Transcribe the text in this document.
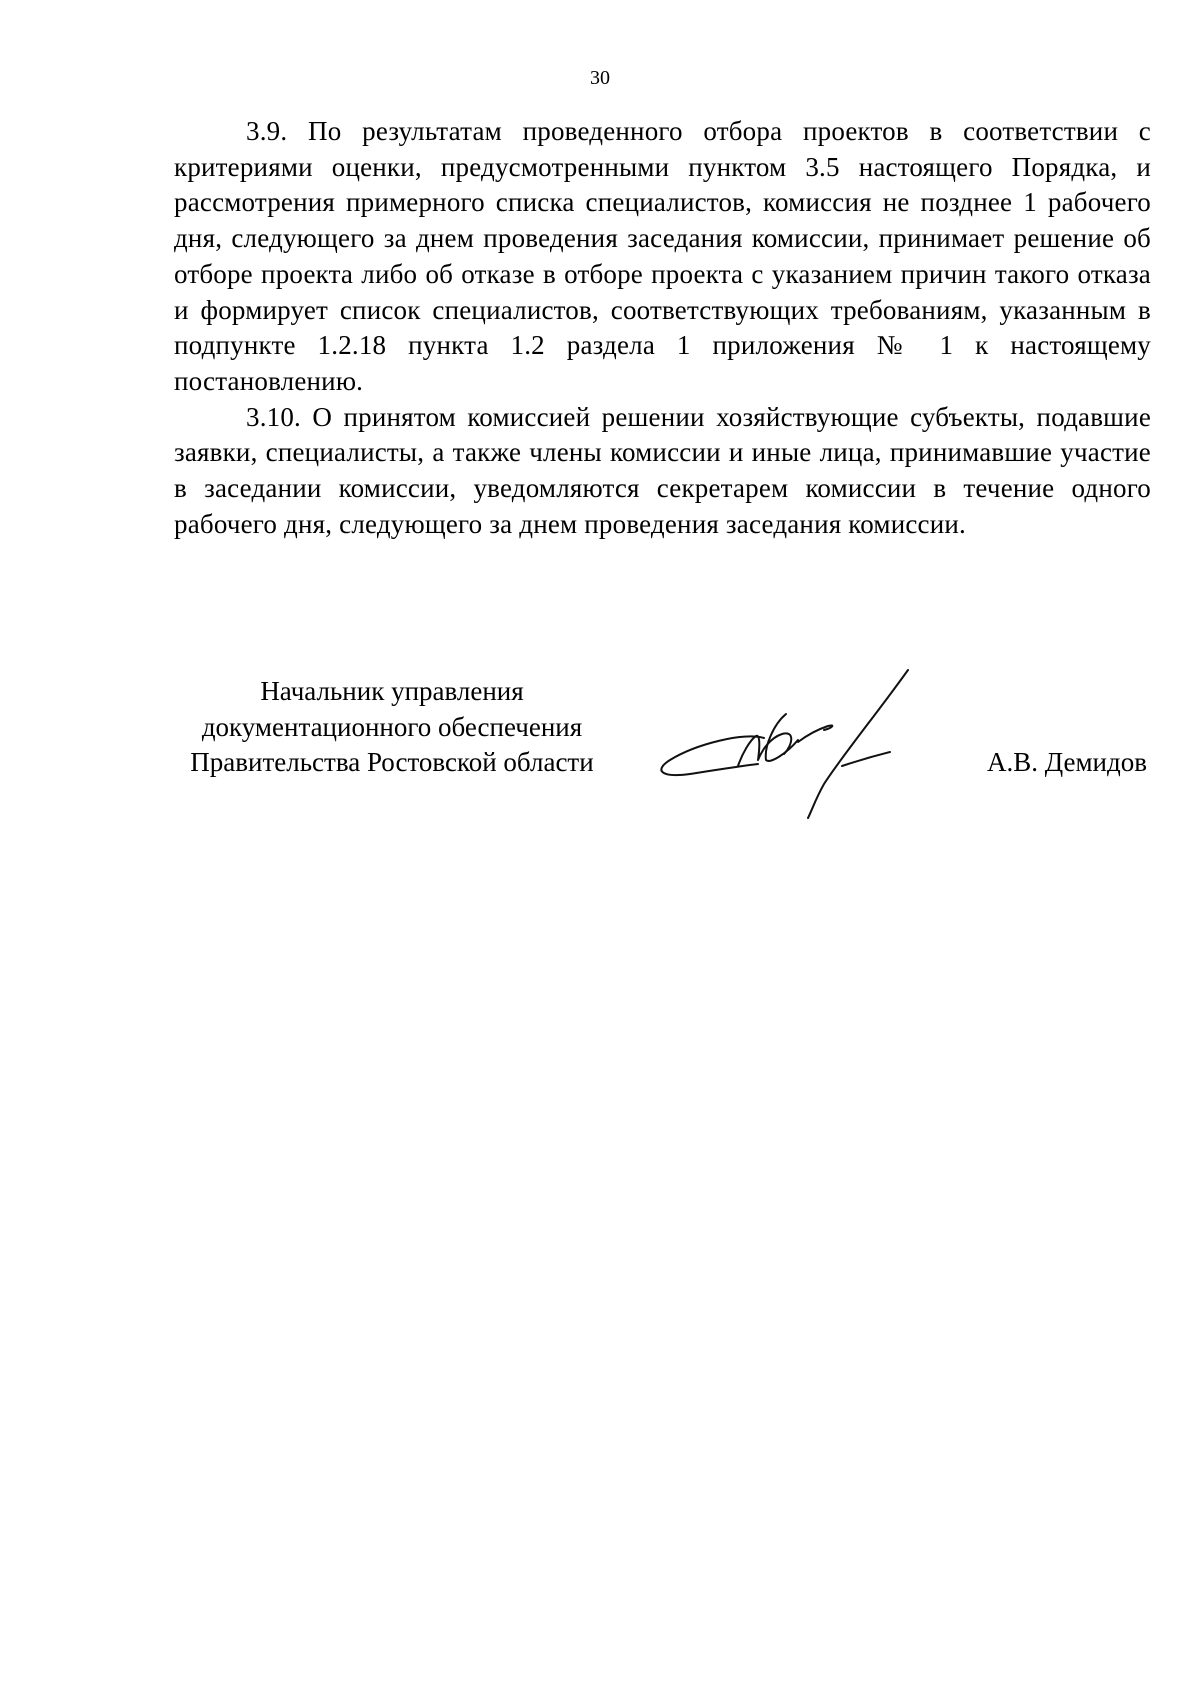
30

3.9. По результатам проведенного отбора проектов в соответствии с критериями оценки, предусмотренными пунктом 3.5 настоящего Порядка, и рассмотрения примерного списка специалистов, комиссия не позднее 1 рабочего дня, следующего за днем проведения заседания комиссии, принимает решение об отборе проекта либо об отказе в отборе проекта с указанием причин такого отказа и формирует список специалистов, соответствующих требованиям, указанным в подпункте 1.2.18 пункта 1.2 раздела 1 приложения № 1 к настоящему постановлению.

3.10. О принятом комиссией решении хозяйствующие субъекты, подавшие заявки, специалисты, а также члены комиссии и иные лица, принимавшие участие в заседании комиссии, уведомляются секретарем комиссии в течение одного рабочего дня, следующего за днем проведения заседания комиссии.

Начальник управления
документационного обеспечения
Правительства Ростовской области	А.В. Демидов
